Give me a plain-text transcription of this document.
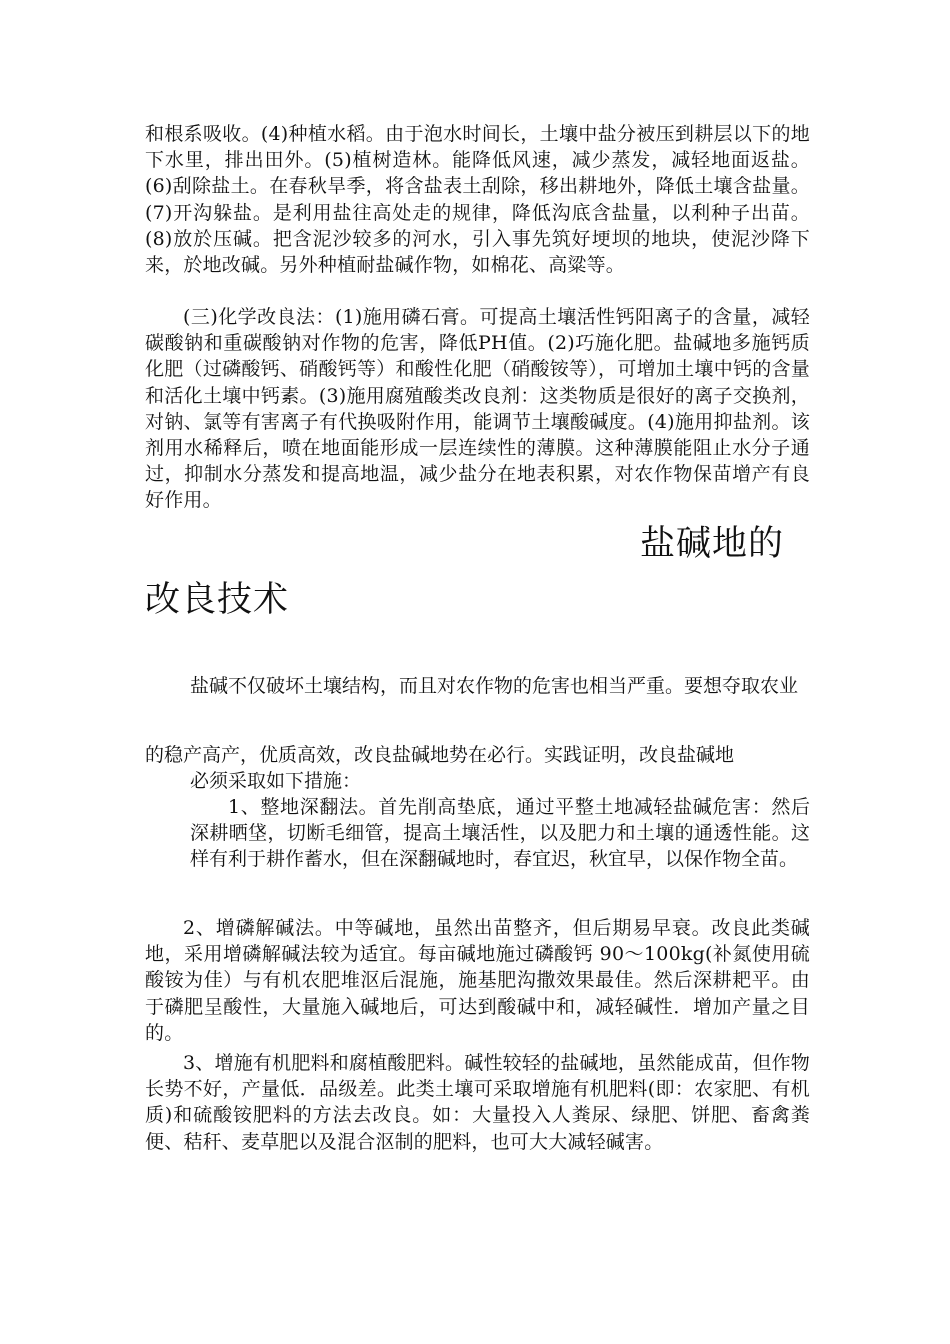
和根系吸收。(4)种植水稻。由于泡水时间长，土壤中盐分被压到耕层以下的地下水里，排出田外。(5)植树造林。能降低风速，减少蒸发，减轻地面返盐。(6)刮除盐土。在春秋旱季，将含盐表土刮除，移出耕地外，降低土壤含盐量。(7)开沟躲盐。是利用盐往高处走的规律，降低沟底含盐量，以利种子出苗。(8)放於压碱。把含泥沙较多的河水，引入事先筑好埂坝的地块，使泥沙降下来，於地改碱。另外种植耐盐碱作物，如棉花、高粱等。

(三)化学改良法：(1)施用磷石膏。可提高土壤活性钙阳离子的含量，减轻碳酸钠和重碳酸钠对作物的危害，降低PH值。(2)巧施化肥。盐碱地多施钙质化肥（过磷酸钙、硝酸钙等）和酸性化肥（硝酸铵等），可增加土壤中钙的含量和活化土壤中钙素。(3)施用腐殖酸类改良剂：这类物质是很好的离子交换剂，对钠、氯等有害离子有代换吸附作用，能调节土壤酸碱度。(4)施用抑盐剂。该剂用水稀释后，喷在地面能形成一层连续性的薄膜。这种薄膜能阻止水分子通过，抑制水分蒸发和提高地温，减少盐分在地表积累，对农作物保苗增产有良好作用。

盐碱地的
改良技术
盐碱不仅破坏土壤结构，而且对农作物的危害也相当严重。要想夺取农业
的稳产高产，优质高效，改良盐碱地势在必行。实践证明，改良盐碱地
必须采取如下措施：

1、整地深翻法。首先削高垫底，通过平整土地减轻盐碱危害：然后深耕晒垡，切断毛细管，提高土壤活性，以及肥力和土壤的通透性能。这样有利于耕作蓄水，但在深翻碱地时，春宜迟，秋宜早，以保作物全苗。

2、增磷解碱法。中等碱地，虽然出苗整齐，但后期易早衰。改良此类碱地，采用增磷解碱法较为适宜。每亩碱地施过磷酸钙 90～100kg(补氮使用硫酸铵为佳）与有机农肥堆沤后混施，施基肥沟撒效果最佳。然后深耕耙平。由于磷肥呈酸性，大量施入碱地后，可达到酸碱中和，减轻碱性．增加产量之目的。

3、增施有机肥料和腐植酸肥料。碱性较轻的盐碱地，虽然能成苗，但作物长势不好，产量低．品级差。此类土壤可采取增施有机肥料(即：农家肥、有机质)和硫酸铵肥料的方法去改良。如：大量投入人粪尿、绿肥、饼肥、畜禽粪便、秸秆、麦草肥以及混合沤制的肥料，也可大大减轻碱害。
